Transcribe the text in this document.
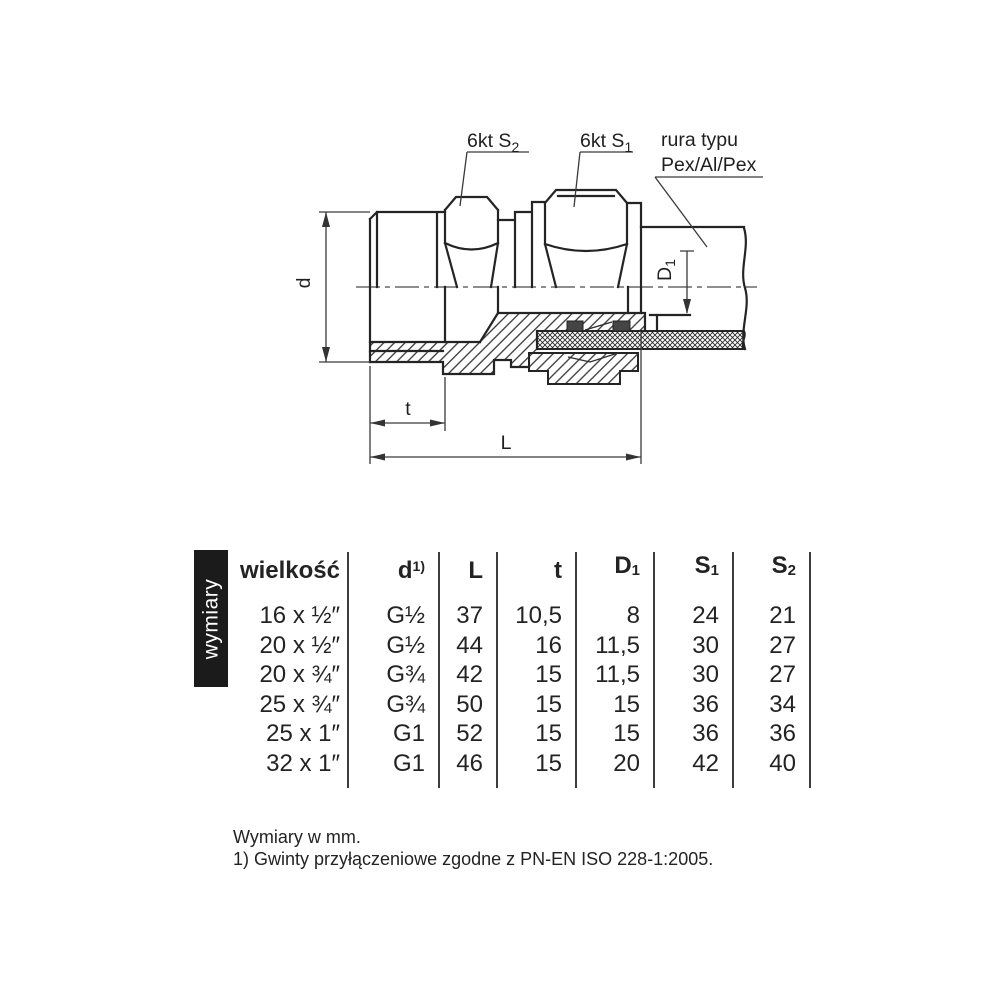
6kt $S_2$	6kt $S_1$ rura typu
Pex/Al/Pex
d
t
L
$D_1$
wymiary
wielkość	$d^{1)}$	L	t	D1	S1	S2
16 x ½″	G½	37	10,5	8	24	21
20 x ½″	G½	44	16	11,5	30	27
20 x ¾″	G¾	42	15	11,5	30	27
25 x ¾″	G¾	50	15	15	36	34
25 x 1″	G1	52	15	15	36	36
32 x 1″	G1	46	15	20	42	40
Wymiary w mm.
1) Gwinty przyłączeniowe zgodne z PN-EN ISO 228-1:2005.
